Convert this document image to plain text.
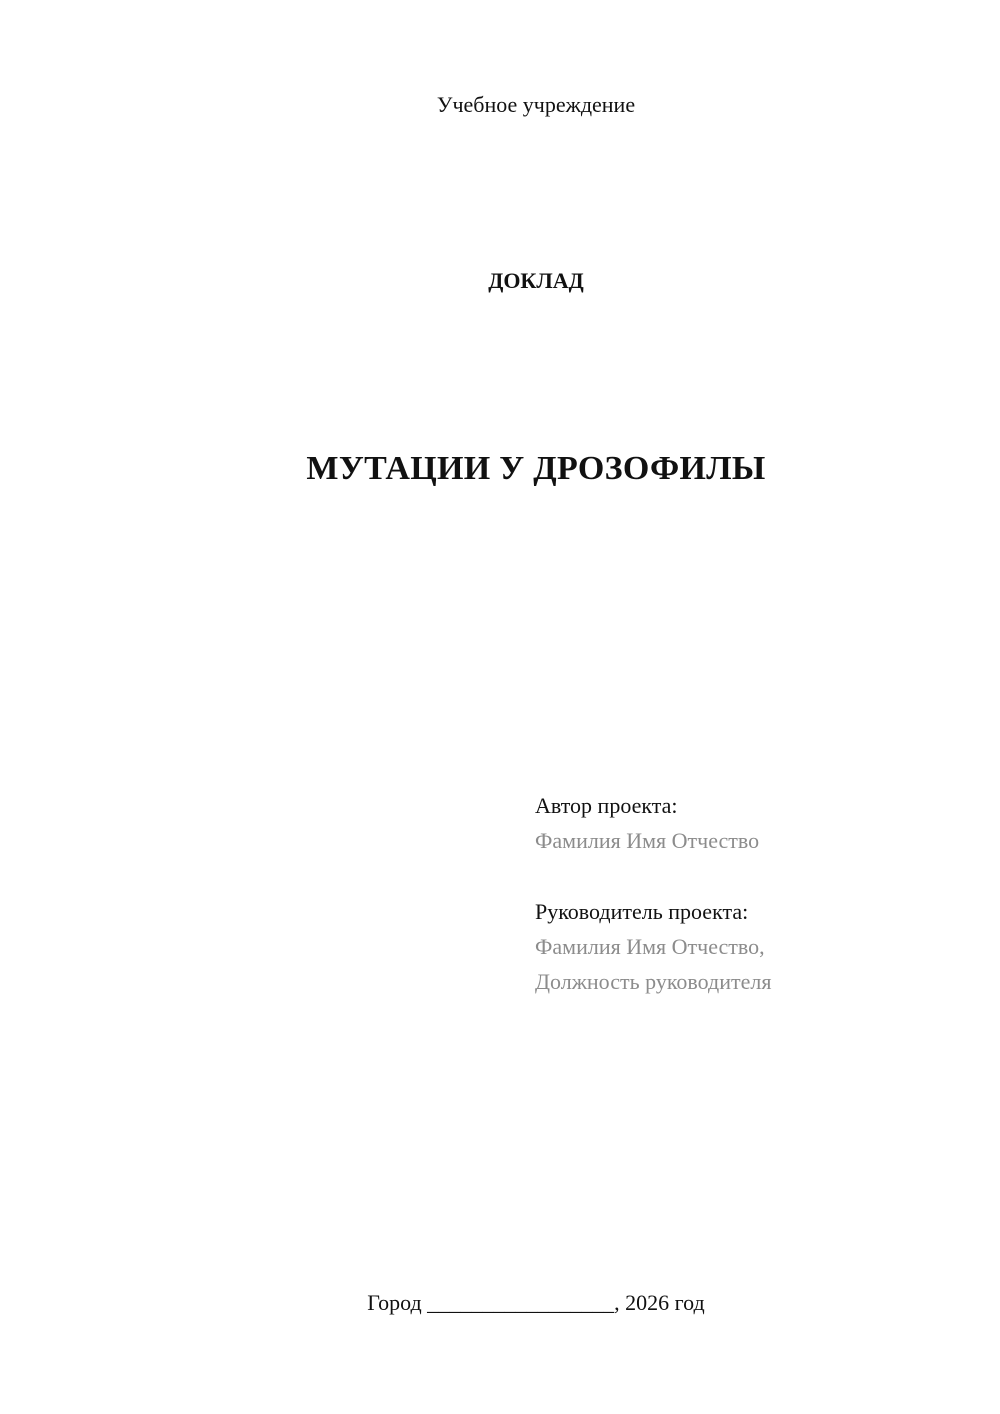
Учебное учреждение
ДОКЛАД
МУТАЦИИ У ДРОЗОФИЛЫ
Автор проекта:
Фамилия Имя Отчество
Руководитель проекта:
Фамилия Имя Отчество,
Должность руководителя
Город _________________, 2026 год
